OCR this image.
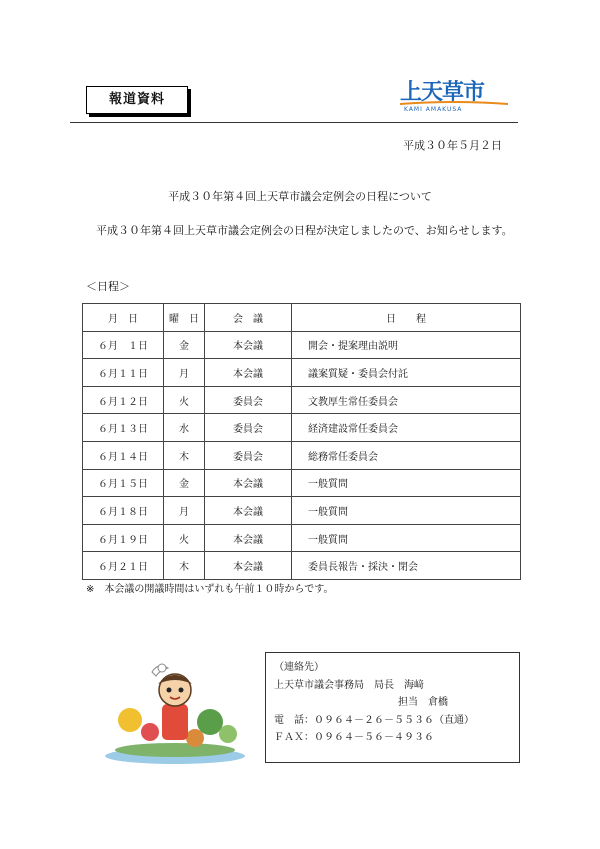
報道資料	上天草市
KAMI AMAKUSA
平成３０年５月２日
平成３０年第４回上天草市議会定例会の日程について
平成３０年第４回上天草市議会定例会の日程が決定しましたので、お知らせします。
＜日程＞
月　日	曜　日	会　議	日　　程
６月　１日	金	本会議	開会・提案理由説明
６月１１日	月	本会議	議案質疑・委員会付託
６月１２日	火	委員会	文教厚生常任委員会
６月１３日	水	委員会	経済建設常任委員会
６月１４日	木	委員会	総務常任委員会
６月１５日	金	本会議	一般質問
６月１８日	月	本会議	一般質問
６月１９日	火	本会議	一般質問
６月２１日	木	本会議	委員長報告・採決・閉会
※　本会議の開議時間はいずれも午前１０時からです。
（連絡先）
上天草市議会事務局　局長　海﨑
担当　倉橋
電　話：０９６４－２６－５５３６（直通）
ＦＡＸ：０９６４－５６－４９３６
